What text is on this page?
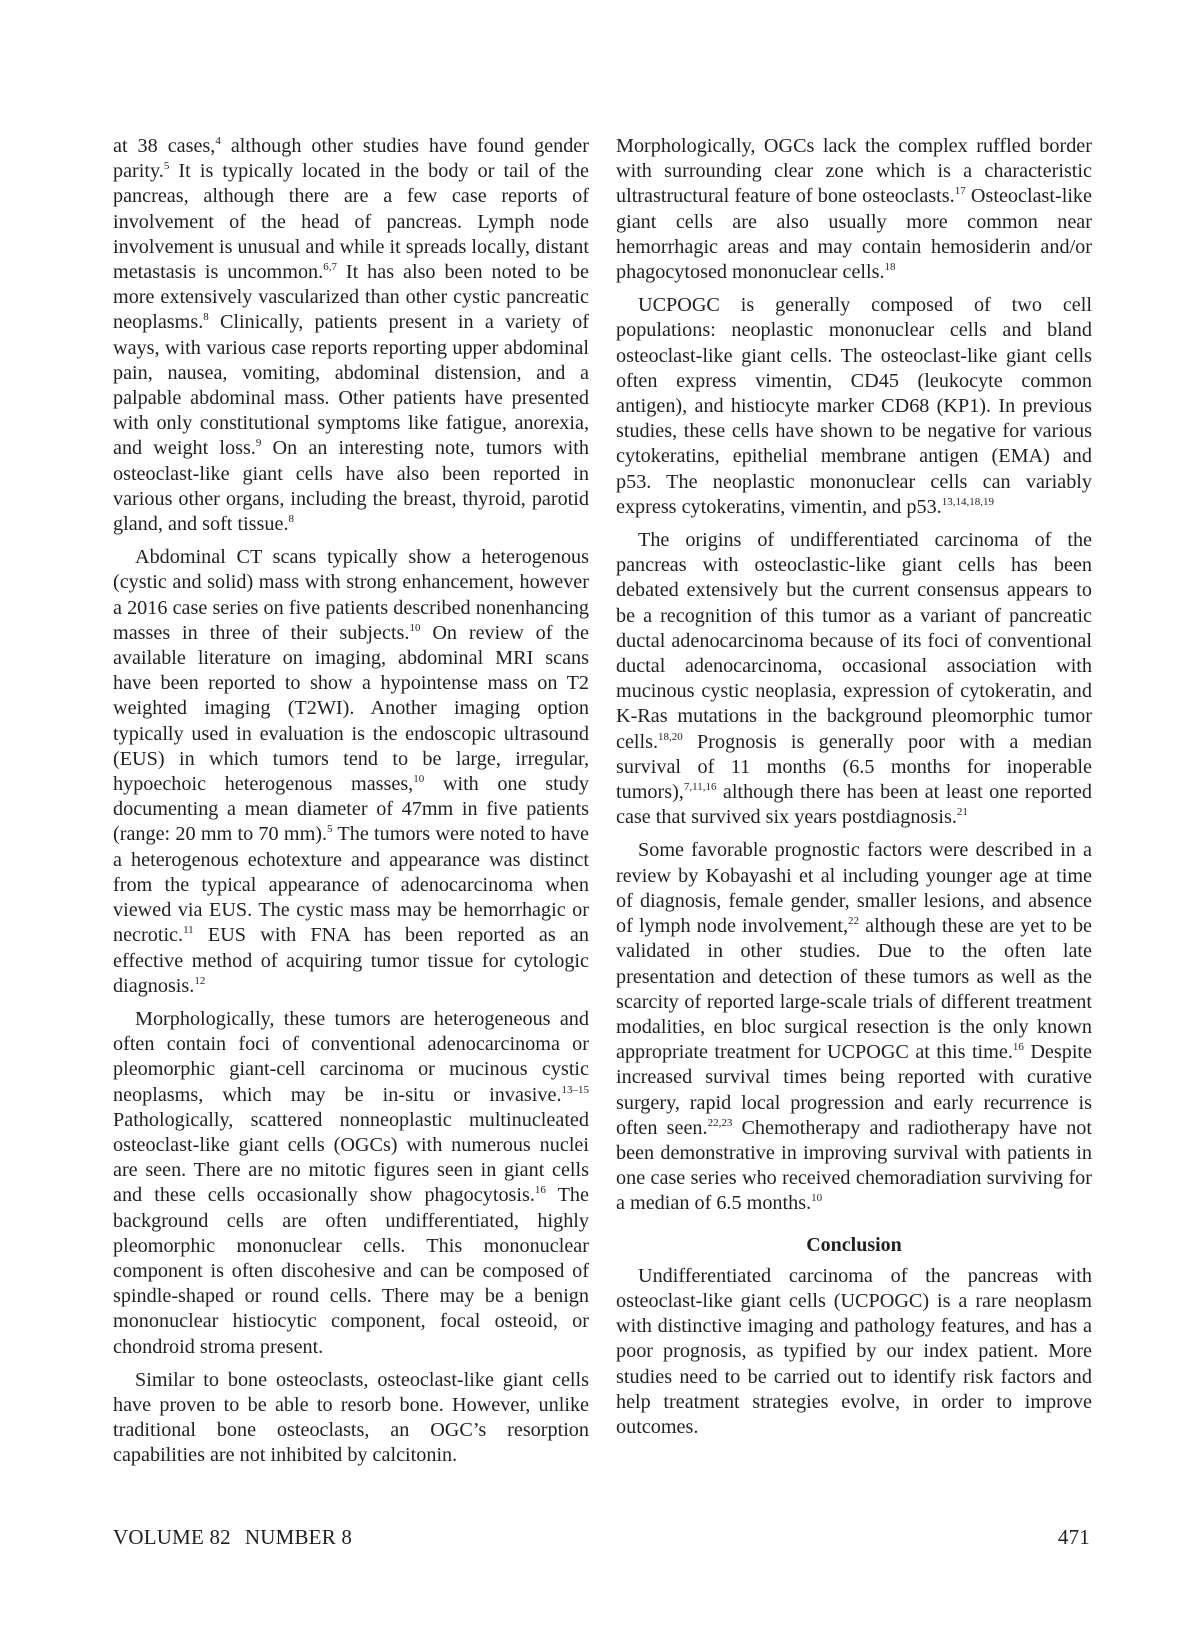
at 38 cases,$^4$ although other studies have found gender parity.$^5$ It is typically located in the body or tail of the pancreas, although there are a few case reports of involvement of the head of pancreas. Lymph node involvement is unusual and while it spreads locally, distant metastasis is uncommon.$^{6,7}$ It has also been noted to be more extensively vascularized than other cystic pancreatic neoplasms.$^8$ Clinically, patients present in a variety of ways, with various case reports reporting upper abdominal pain, nausea, vomiting, abdominal distension, and a palpable abdominal mass. Other patients have presented with only constitutional symptoms like fatigue, anorexia, and weight loss.$^9$ On an interesting note, tumors with osteoclast-like giant cells have also been reported in various other organs, including the breast, thyroid, parotid gland, and soft tissue.$^8$

Abdominal CT scans typically show a heterogenous (cystic and solid) mass with strong enhancement, however a 2016 case series on five patients described nonenhancing masses in three of their subjects.$^{10}$ On review of the available literature on imaging, abdominal MRI scans have been reported to show a hypointense mass on T2 weighted imaging (T2WI). Another imaging option typically used in evaluation is the endoscopic ultrasound (EUS) in which tumors tend to be large, irregular, hypoechoic heterogenous masses,$^{10}$ with one study documenting a mean diameter of 47mm in five patients (range: 20 mm to 70 mm).$^5$ The tumors were noted to have a heterogenous echotexture and appearance was distinct from the typical appearance of adenocarcinoma when viewed via EUS. The cystic mass may be hemorrhagic or necrotic.$^{11}$ EUS with FNA has been reported as an effective method of acquiring tumor tissue for cytologic diagnosis.$^{12}$

Morphologically, these tumors are heterogeneous and often contain foci of conventional adenocarcinoma or pleomorphic giant-cell carcinoma or mucinous cystic neoplasms, which may be in-situ or invasive.$^{13-15}$ Pathologically, scattered nonneoplastic multinucleated osteoclast-like giant cells (OGCs) with numerous nuclei are seen. There are no mitotic figures seen in giant cells and these cells occasionally show phagocytosis.$^{16}$ The background cells are often undifferentiated, highly pleomorphic mononuclear cells. This mononuclear component is often discohesive and can be composed of spindle-shaped or round cells. There may be a benign mononuclear histiocytic component, focal osteoid, or chondroid stroma present.

Similar to bone osteoclasts, osteoclast-like giant cells have proven to be able to resorb bone. However, unlike traditional bone osteoclasts, an OGC’s resorption capabilities are not inhibited by calcitonin.

Morphologically, OGCs lack the complex ruffled border with surrounding clear zone which is a characteristic ultrastructural feature of bone osteoclasts.$^{17}$ Osteoclast-like giant cells are also usually more common near hemorrhagic areas and may contain hemosiderin and/or phagocytosed mononuclear cells.$^{18}$

UCPOGC is generally composed of two cell populations: neoplastic mononuclear cells and bland osteoclast-like giant cells. The osteoclast-like giant cells often express vimentin, CD45 (leukocyte common antigen), and histiocyte marker CD68 (KP1). In previous studies, these cells have shown to be negative for various cytokeratins, epithelial membrane antigen (EMA) and p53. The neoplastic mononuclear cells can variably express cytokeratins, vimentin, and p53.$^{13,14,18,19}$

The origins of undifferentiated carcinoma of the pancreas with osteoclastic-like giant cells has been debated extensively but the current consensus appears to be a recognition of this tumor as a variant of pancreatic ductal adenocarcinoma because of its foci of conventional ductal adenocarcinoma, occasional association with mucinous cystic neoplasia, expression of cytokeratin, and K-Ras mutations in the background pleomorphic tumor cells.$^{18,20}$ Prognosis is generally poor with a median survival of 11 months (6.5 months for inoperable tumors),$^{7,11,16}$ although there has been at least one reported case that survived six years postdiagnosis.$^{21}$

Some favorable prognostic factors were described in a review by Kobayashi et al including younger age at time of diagnosis, female gender, smaller lesions, and absence of lymph node involvement,$^{22}$ although these are yet to be validated in other studies. Due to the often late presentation and detection of these tumors as well as the scarcity of reported large-scale trials of different treatment modalities, en bloc surgical resection is the only known appropriate treatment for UCPOGC at this time.$^{16}$ Despite increased survival times being reported with curative surgery, rapid local progression and early recurrence is often seen.$^{22,23}$ Chemotherapy and radiotherapy have not been demonstrative in improving survival with patients in one case series who received chemoradiation surviving for a median of 6.5 months.$^{10}$

Conclusion

Undifferentiated carcinoma of the pancreas with osteoclast-like giant cells (UCPOGC) is a rare neoplasm with distinctive imaging and pathology features, and has a poor prognosis, as typified by our index patient. More studies need to be carried out to identify risk factors and help treatment strategies evolve, in order to improve outcomes.

VOLUME 82 NUMBER 8	471
